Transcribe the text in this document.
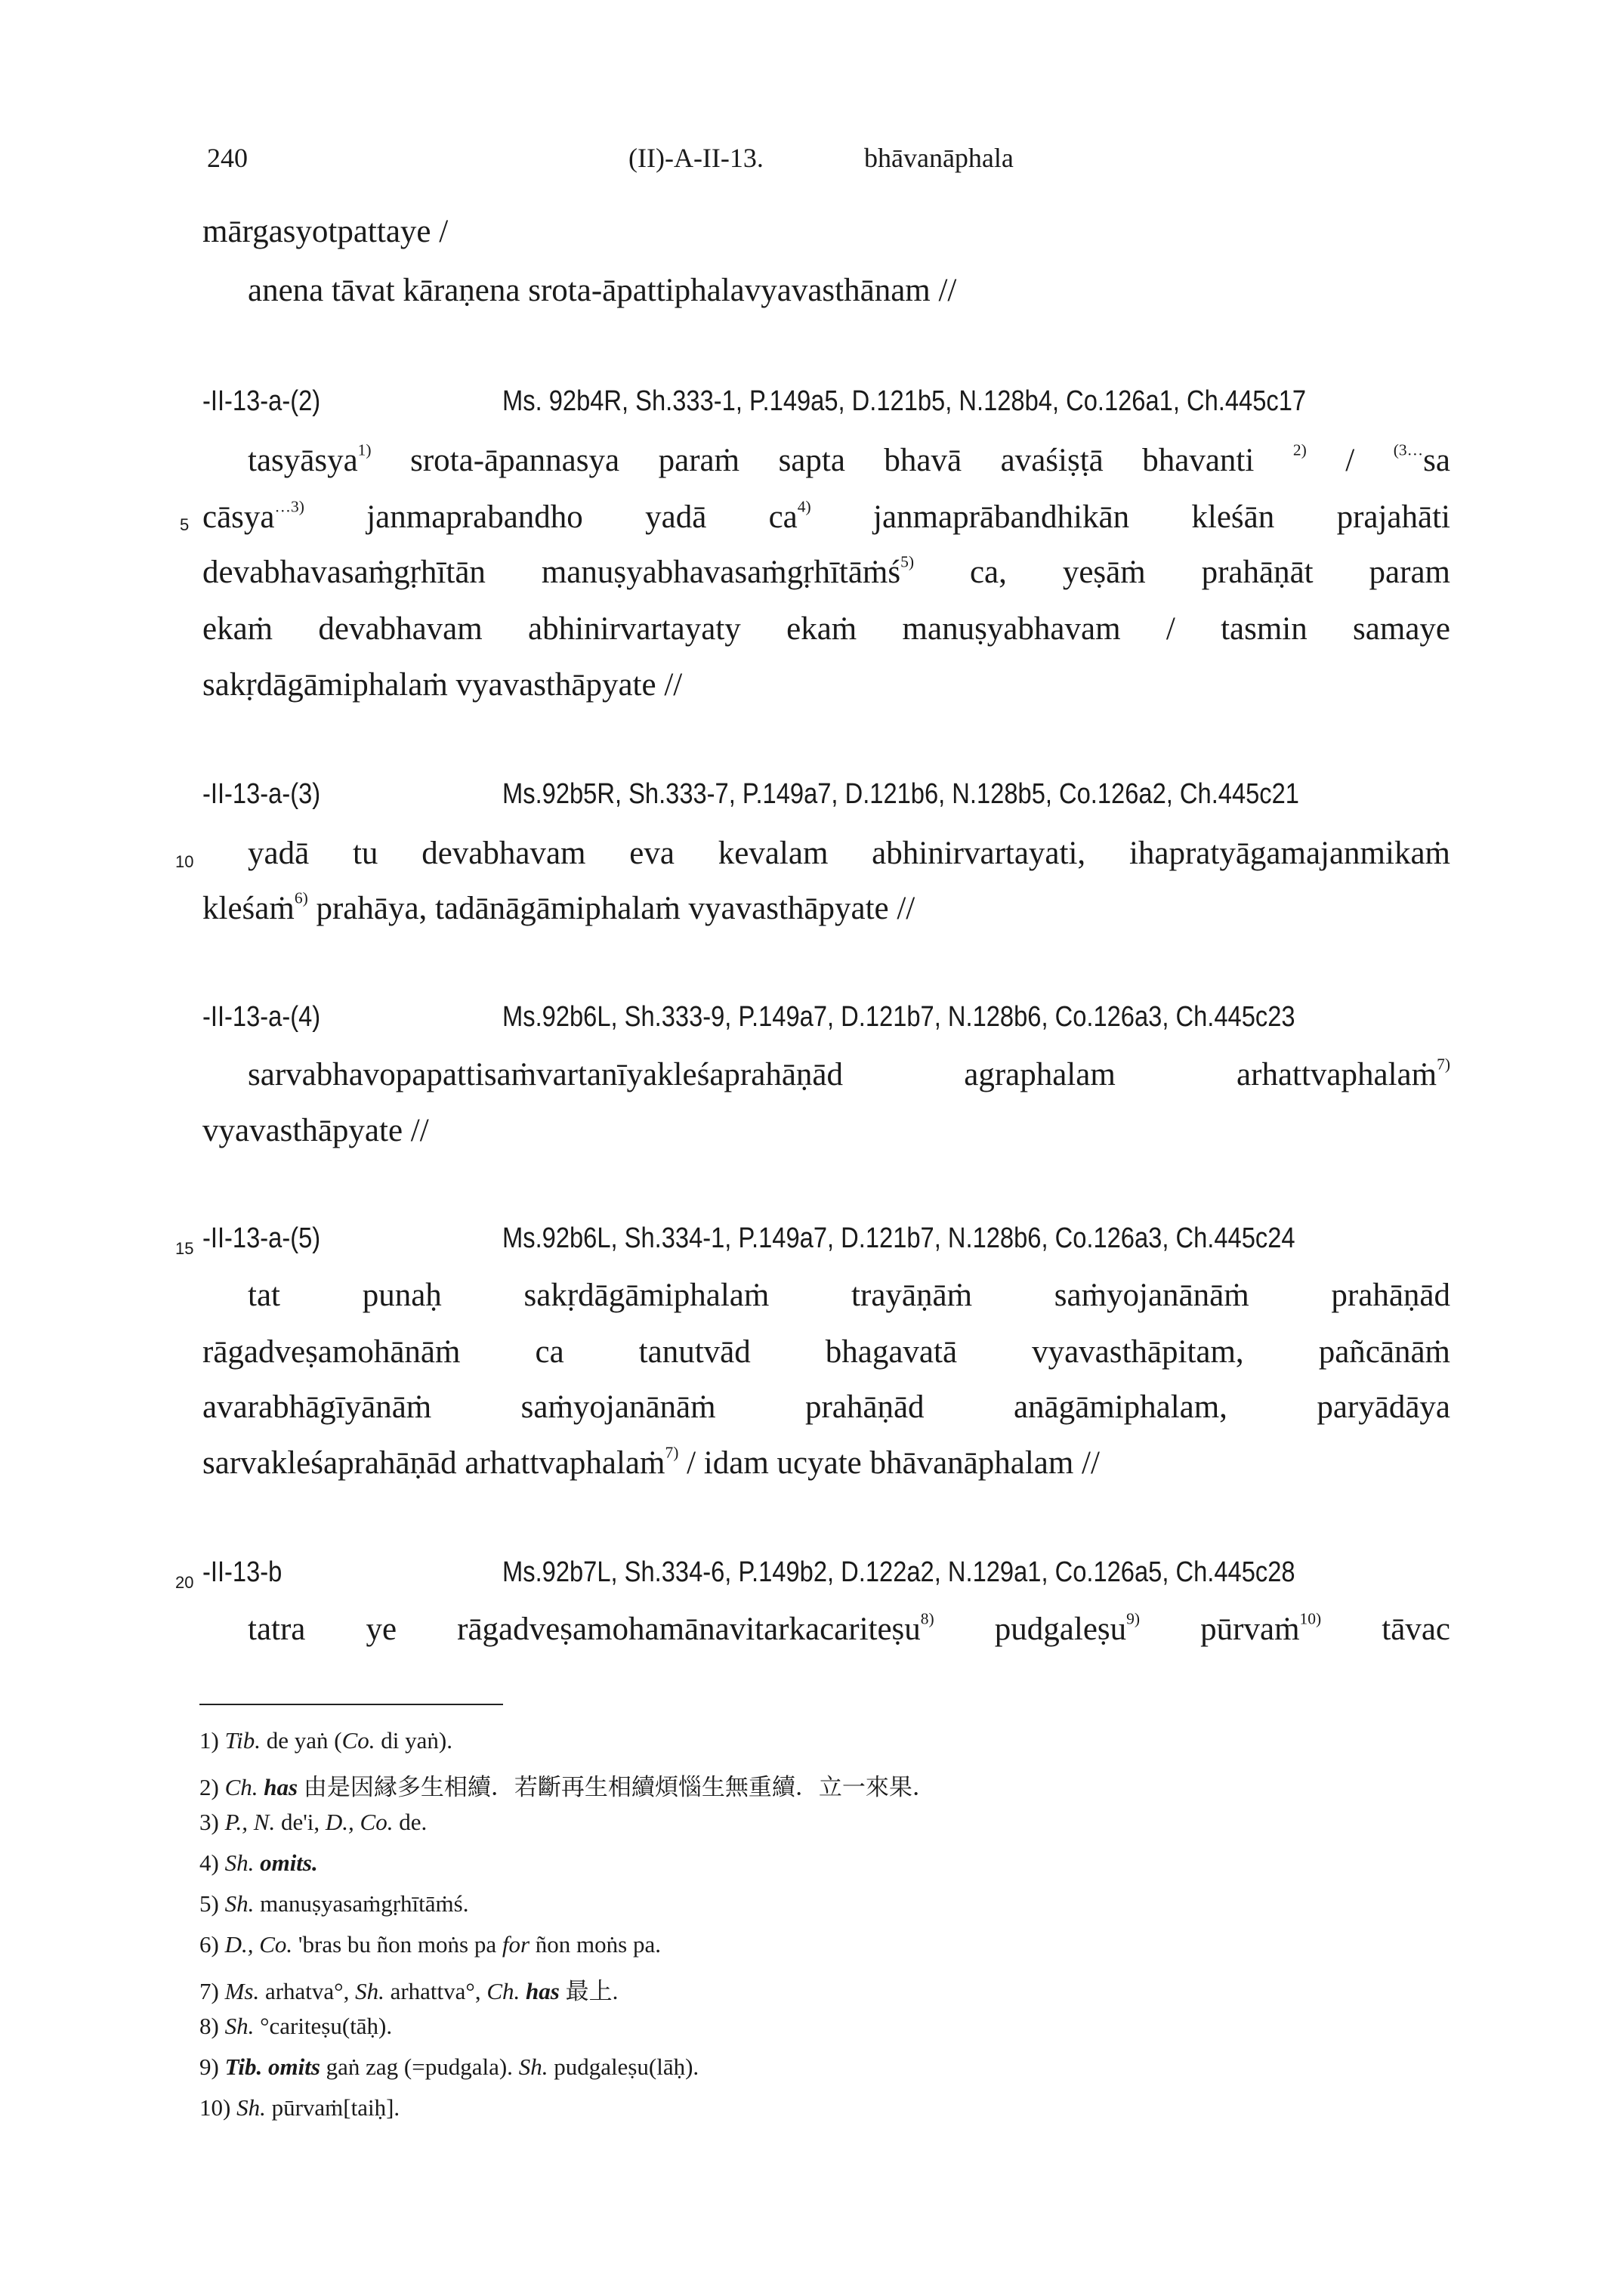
240	(II)-A-II-13.	bhāvanāphala
mārgasyotpattaye /
anena tāvat kāraṇena srota-āpattiphalavyavasthānam //
-II-13-a-(2)	Ms. 92b4R, Sh.333-1, P.149a5, D.121b5, N.128b4, Co.126a1, Ch.445c17
tasyāsya$^{1)}$ srota-āpannasya paraṁ sapta bhavā avaśiṣṭā bhavanti $^{2)}$ / $^{(3\dots}$sa
5 cāsya$^{\dots 3)}$ janmaprabandho yadā $ca^{4)}$ janmaprābandhikān kleśān prajahāti
devabhavasaṁgṛhītān manuṣyabhavasaṁgṛhītāṁś$^{5)}$ ca, yeṣāṁ prahāṇāt param
ekaṁ devabhavam abhinirvartayaty ekaṁ manuṣyabhavam / tasmin samaye
sakṛdāgāmiphalaṁ vyavasthāpyate //
-II-13-a-(3)	Ms.92b5R, Sh.333-7, P.149a7, D.121b6, N.128b5, Co.126a2, Ch.445c21
10 yadā tu devabhavam eva kevalam abhinirvartayati, ihapratyāgamajanmikaṁ
kleśaṁ$^{6)}$ prahāya, tadānāgāmiphalaṁ vyavasthāpyate //
-II-13-a-(4)	Ms.92b6L, Sh.333-9, P.149a7, D.121b7, N.128b6, Co.126a3, Ch.445c23
sarvabhavopapattisaṁvartanīyakleśaprahāṇād agraphalam arhattvaphalaṁ$^{7)}$
vyavasthāpyate //
15 -II-13-a-(5)	Ms.92b6L, Sh.334-1, P.149a7, D.121b7, N.128b6, Co.126a3, Ch.445c24
tat punaḥ sakṛdāgāmiphalaṁ trayāṇāṁ saṁyojanānāṁ prahāṇād
rāgadveṣamohānāṁ ca tanutvād bhagavatā vyavasthāpitam, pañcānāṁ
avarabhāgīyānāṁ saṁyojanānāṁ prahāṇād anāgāmiphalam, paryādāya
sarvakleśaprahāṇād arhattvaphalaṁ$^{7)}$ / idam ucyate bhāvanāphalam //
20 -II-13-b	Ms.92b7L, Sh.334-6, P.149b2, D.122a2, N.129a1, Co.126a5, Ch.445c28
tatra ye rāgadveṣamohamānavitarkacariteṣu$^{8)}$ pudgaleṣu$^{9)}$ pūrvaṁ$^{10)}$ tāvac
1) Tib. de yaṅ (Co. di yaṅ).
2) Ch. has 由是因縁多生相續．若斷再生相續煩惱生無重續．立一來果．
3) P., N. de'i, D., Co. de.
4) Sh. omits.
5) Sh. manuṣyasaṁgṛhītāṁś.
6) D., Co. 'bras bu ñon moṅs pa for ñon moṅs pa.
7) Ms. arhatva°, Sh. arhattva°, Ch. has 最上.
8) Sh. °cariteṣu(tāḥ).
9) Tib. omits gaṅ zag (=pudgala). Sh. pudgaleṣu(lāḥ).
10) Sh. pūrvaṁ[taiḥ].
